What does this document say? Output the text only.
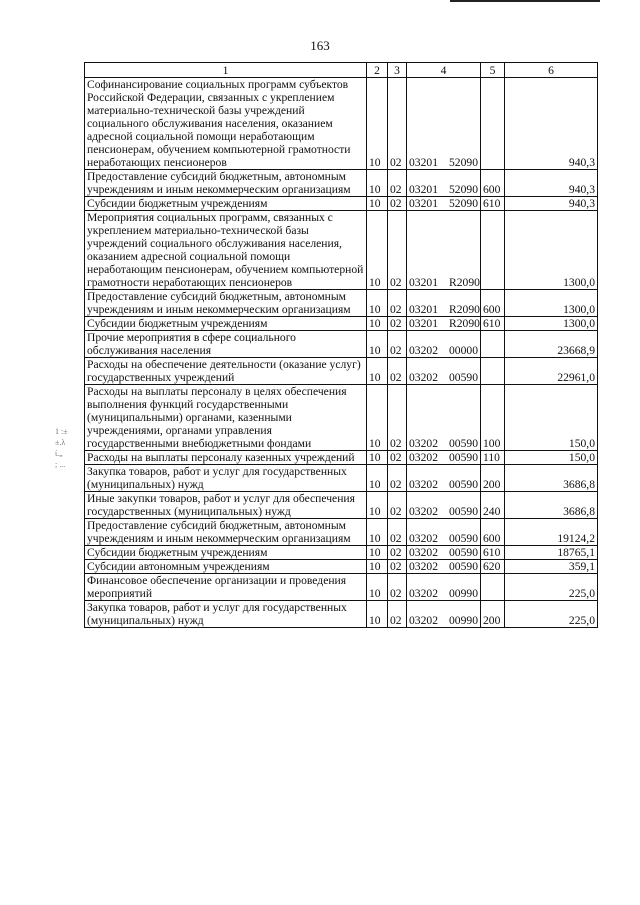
163
1 :±
±.λ
ί.„
; ...
1	2	3	4	5	6
Софинансирование социальных программ субъектов Российской Федерации, связанных с укреплением материально-технической базы учреждений социального обслуживания населения, оказанием адресной социальной помощи неработающим пенсионерам, обучением компьютерной грамотности неработающих пенсионеров	10	02	03201 52090		940,3
Предоставление субсидий бюджетным, автономным учреждениям и иным некоммерческим организациям	10	02	03201 52090	600	940,3
Субсидии бюджетным учреждениям	10	02	03201 52090	610	940,3
Мероприятия социальных программ, связанных с укреплением материально-технической базы учреждений социального обслуживания населения, оказанием адресной социальной помощи неработающим пенсионерам, обучением компьютерной грамотности неработающих пенсионеров	10	02	03201 R2090		1300,0
Предоставление субсидий бюджетным, автономным учреждениям и иным некоммерческим организациям	10	02	03201 R2090	600	1300,0
Субсидии бюджетным учреждениям	10	02	03201 R2090	610	1300,0
Прочие мероприятия в сфере социального обслуживания населения	10	02	03202 00000		23668,9
Расходы на обеспечение деятельности (оказание услуг) государственных учреждений	10	02	03202 00590		22961,0
Расходы на выплаты персоналу в целях обеспечения выполнения функций государственными (муниципальными) органами, казенными учреждениями, органами управления государственными внебюджетными фондами	10	02	03202 00590	100	150,0
Расходы на выплаты персоналу казенных учреждений	10	02	03202 00590	110	150,0
Закупка товаров, работ и услуг для государственных (муниципальных) нужд	10	02	03202 00590	200	3686,8
Иные закупки товаров, работ и услуг для обеспечения государственных (муниципальных) нужд	10	02	03202 00590	240	3686,8
Предоставление субсидий бюджетным, автономным учреждениям и иным некоммерческим организациям	10	02	03202 00590	600	19124,2
Субсидии бюджетным учреждениям	10	02	03202 00590	610	18765,1
Субсидии автономным учреждениям	10	02	03202 00590	620	359,1
Финансовое обеспечение организации и проведения мероприятий	10	02	03202 00990		225,0
Закупка товаров, работ и услуг для государственных (муниципальных) нужд	10	02	03202 00990	200	225,0
